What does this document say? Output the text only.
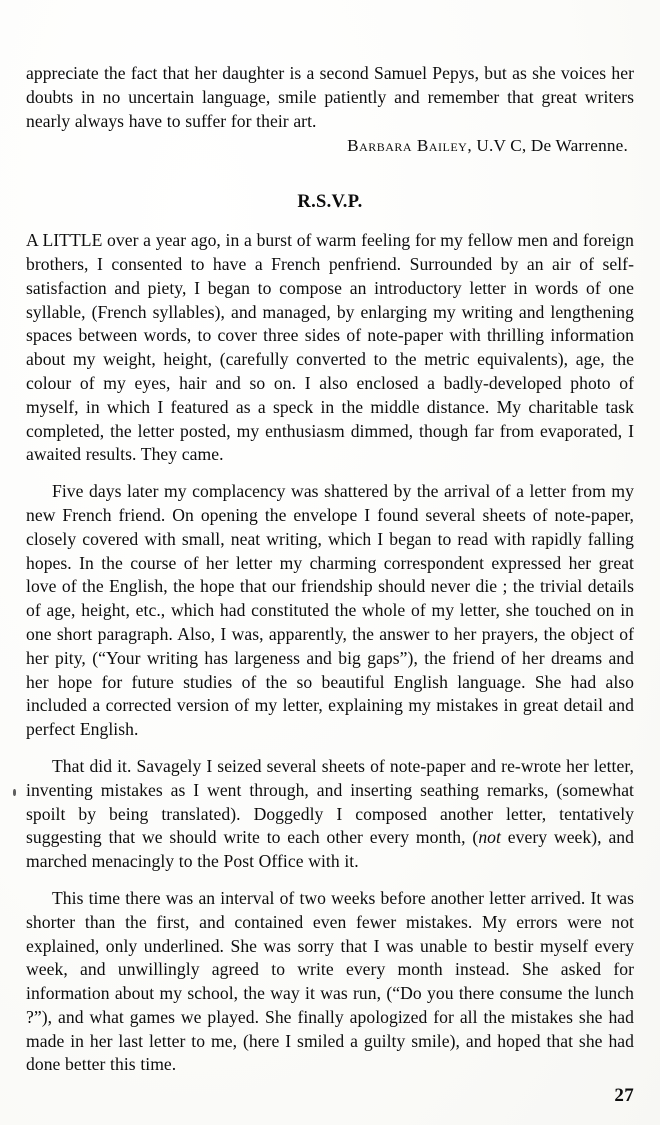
appreciate the fact that her daughter is a second Samuel Pepys, but as she voices her doubts in no uncertain language, smile patiently and remember that great writers nearly always have to suffer for their art.

Barbara Bailey, U.V C, De Warrenne.

R.S.V.P.

A LITTLE over a year ago, in a burst of warm feeling for my fellow men and foreign brothers, I consented to have a French penfriend. Surrounded by an air of self-satisfaction and piety, I began to compose an introductory letter in words of one syllable, (French syllables), and managed, by enlarging my writing and lengthening spaces between words, to cover three sides of note-paper with thrilling information about my weight, height, (carefully converted to the metric equivalents), age, the colour of my eyes, hair and so on. I also enclosed a badly-developed photo of myself, in which I featured as a speck in the middle distance. My charitable task completed, the letter posted, my enthusiasm dimmed, though far from evaporated, I awaited results. They came.

Five days later my complacency was shattered by the arrival of a letter from my new French friend. On opening the envelope I found several sheets of note-paper, closely covered with small, neat writing, which I began to read with rapidly falling hopes. In the course of her letter my charming correspondent expressed her great love of the English, the hope that our friendship should never die ; the trivial details of age, height, etc., which had constituted the whole of my letter, she touched on in one short paragraph. Also, I was, apparently, the answer to her prayers, the object of her pity, (“Your writing has largeness and big gaps”), the friend of her dreams and her hope for future studies of the so beautiful English language. She had also included a corrected version of my letter, explaining my mistakes in great detail and perfect English.

That did it. Savagely I seized several sheets of note-paper and re-wrote her letter, inventing mistakes as I went through, and inserting seathing remarks, (somewhat spoilt by being translated). Doggedly I composed another letter, tentatively suggesting that we should write to each other every month, (not every week), and marched menacingly to the Post Office with it.

This time there was an interval of two weeks before another letter arrived. It was shorter than the first, and contained even fewer mistakes. My errors were not explained, only underlined. She was sorry that I was unable to bestir myself every week, and unwillingly agreed to write every month instead. She asked for information about my school, the way it was run, (“Do you there consume the lunch ?”), and what games we played. She finally apologized for all the mistakes she had made in her last letter to me, (here I smiled a guilty smile), and hoped that she had done better this time.

27
